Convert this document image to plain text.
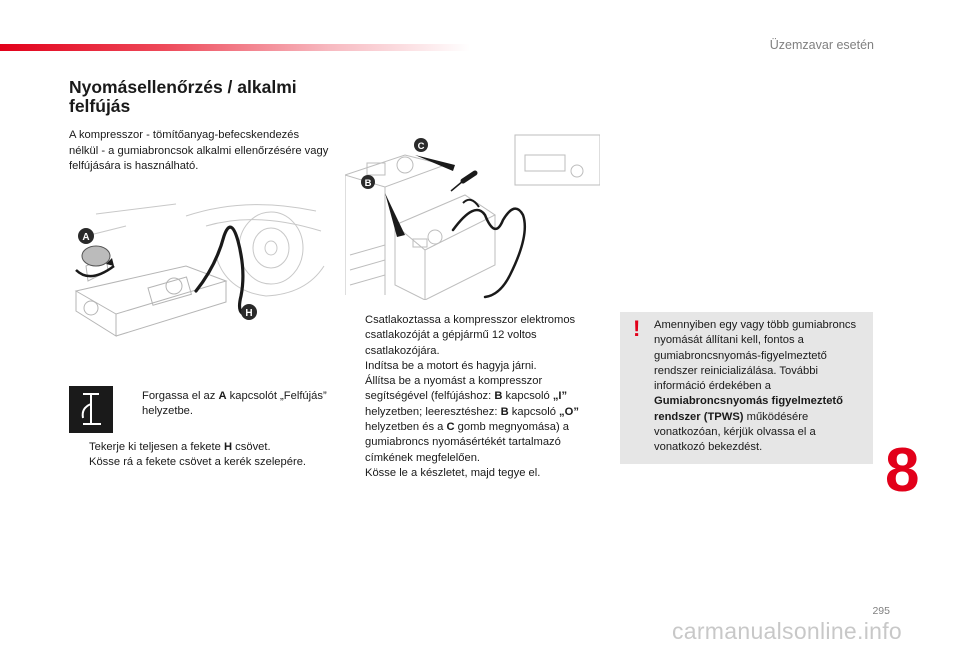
Üzemzavar esetén
Nyomásellenőrzés / alkalmi felfújás

A kompresszor - tömítőanyag-befecskendezés nélkül - a gumiabroncsok alkalmi ellenőrzésére vagy felfújására is használható.

A
H
C
B
Forgassa el az A kapcsolót „Felfújás” helyzetbe.
Tekerje ki teljesen a fekete H csövet.
Kösse rá a fekete csövet a kerék szelepére.
Csatlakoztassa a kompresszor elektromos csatlakozóját a gépjármű 12 voltos csatlakozójára.
Indítsa be a motort és hagyja járni.
Állítsa be a nyomást a kompresszor segítségével (felfújáshoz: B kapcsoló „I” helyzetben; leeresztéshez: B kapcsoló „O” helyzetben és a C gomb megnyomása) a gumiabroncs nyomásértékét tartalmazó címkének megfelelően.
Kösse le a készletet, majd tegye el.
! Amennyiben egy vagy több gumiabroncs nyomását állítani kell, fontos a gumiabroncsnyomás-figyelmeztető rendszer reinicializálása. További információ érdekében a Gumiabroncsnyomás figyelmeztető rendszer (TPWS) működésére vonatkozóan, kérjük olvassa el a vonatkozó bekezdést.	8
295
carmanualsonline.info
